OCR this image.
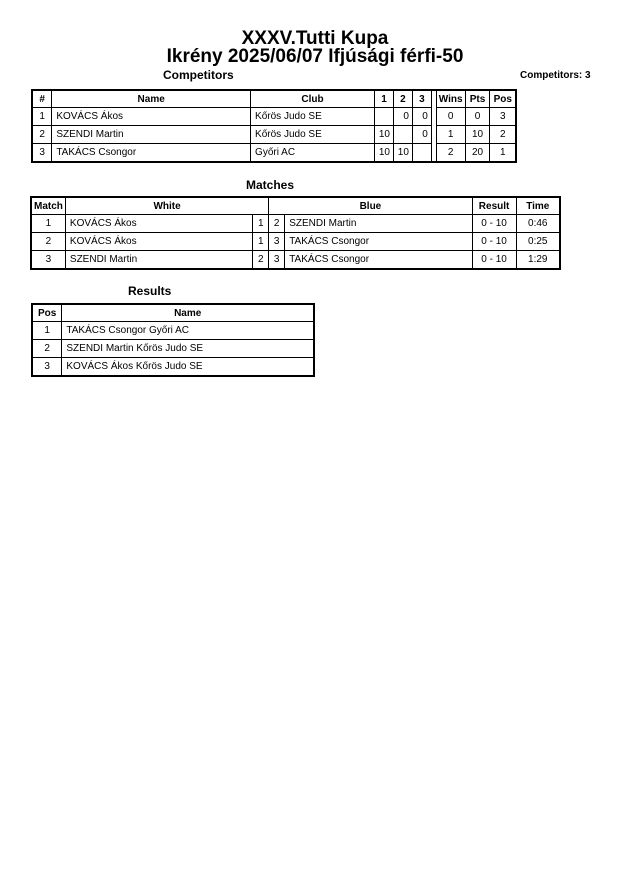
XXXV.Tutti Kupa
Ikrény 2025/06/07 Ifjúsági férfi-50
Competitors	Competitors: 3
#	Name	Club	1	2	3		Wins	Pts	Pos
1	KOVÁCS Ákos	Kőrös Judo SE		0	0		0	0	3
2	SZENDI Martin	Kőrös Judo SE	10		0		1	10	2
3	TAKÁCS Csongor	Győri AC	10	10			2	20	1
Matches
Match	White		Blue		Result	Time
1	KOVÁCS Ákos	1	2	SZENDI Martin	0 - 10	0:46
2	KOVÁCS Ákos	1	3	TAKÁCS Csongor	0 - 10	0:25
3	SZENDI Martin	2	3	TAKÁCS Csongor	0 - 10	1:29
Results
Pos	Name
1	TAKÁCS Csongor Győri AC
2	SZENDI Martin Kőrös Judo SE
3	KOVÁCS Ákos Kőrös Judo SE
